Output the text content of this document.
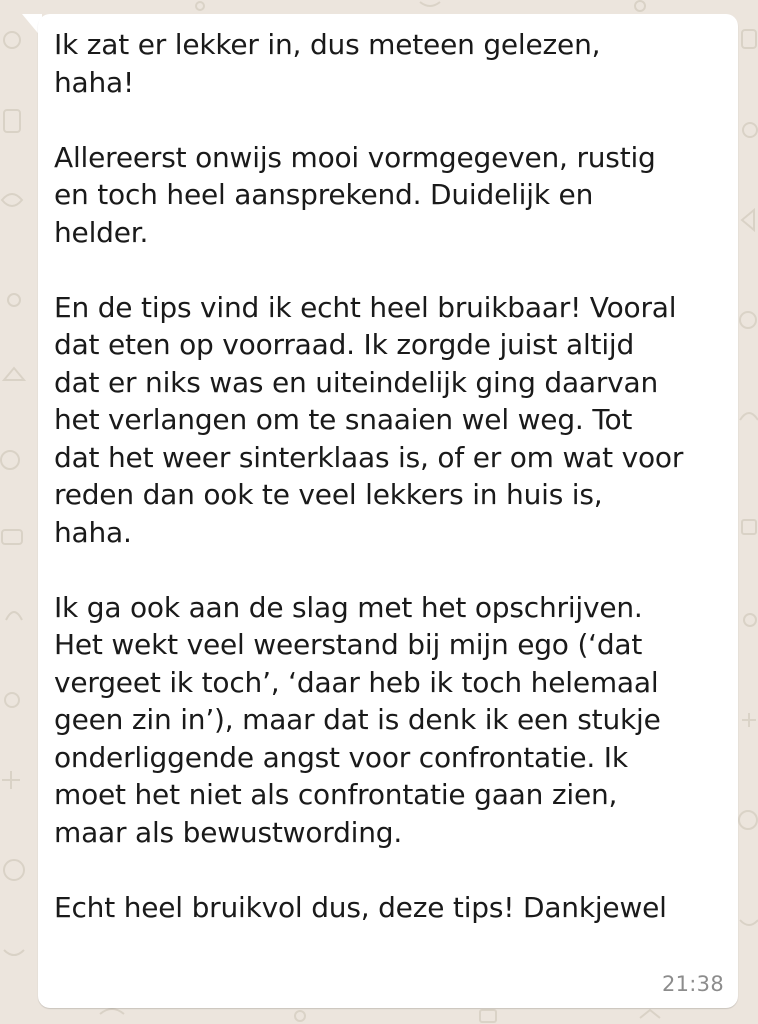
Ik zat er lekker in, dus meteen gelezen,
haha!

Allereerst onwijs mooi vormgegeven, rustig
en toch heel aansprekend. Duidelijk en
helder.

En de tips vind ik echt heel bruikbaar! Vooral
dat eten op voorraad. Ik zorgde juist altijd
dat er niks was en uiteindelijk ging daarvan
het verlangen om te snaaien wel weg. Tot
dat het weer sinterklaas is, of er om wat voor
reden dan ook te veel lekkers in huis is,
haha.

Ik ga ook aan de slag met het opschrijven.
Het wekt veel weerstand bij mijn ego (‘dat
vergeet ik toch’, ‘daar heb ik toch helemaal
geen zin in’), maar dat is denk ik een stukje
onderliggende angst voor confrontatie. Ik
moet het niet als confrontatie gaan zien,
maar als bewustwording.

Echt heel bruikvol dus, deze tips! Dankjewel

21:38
